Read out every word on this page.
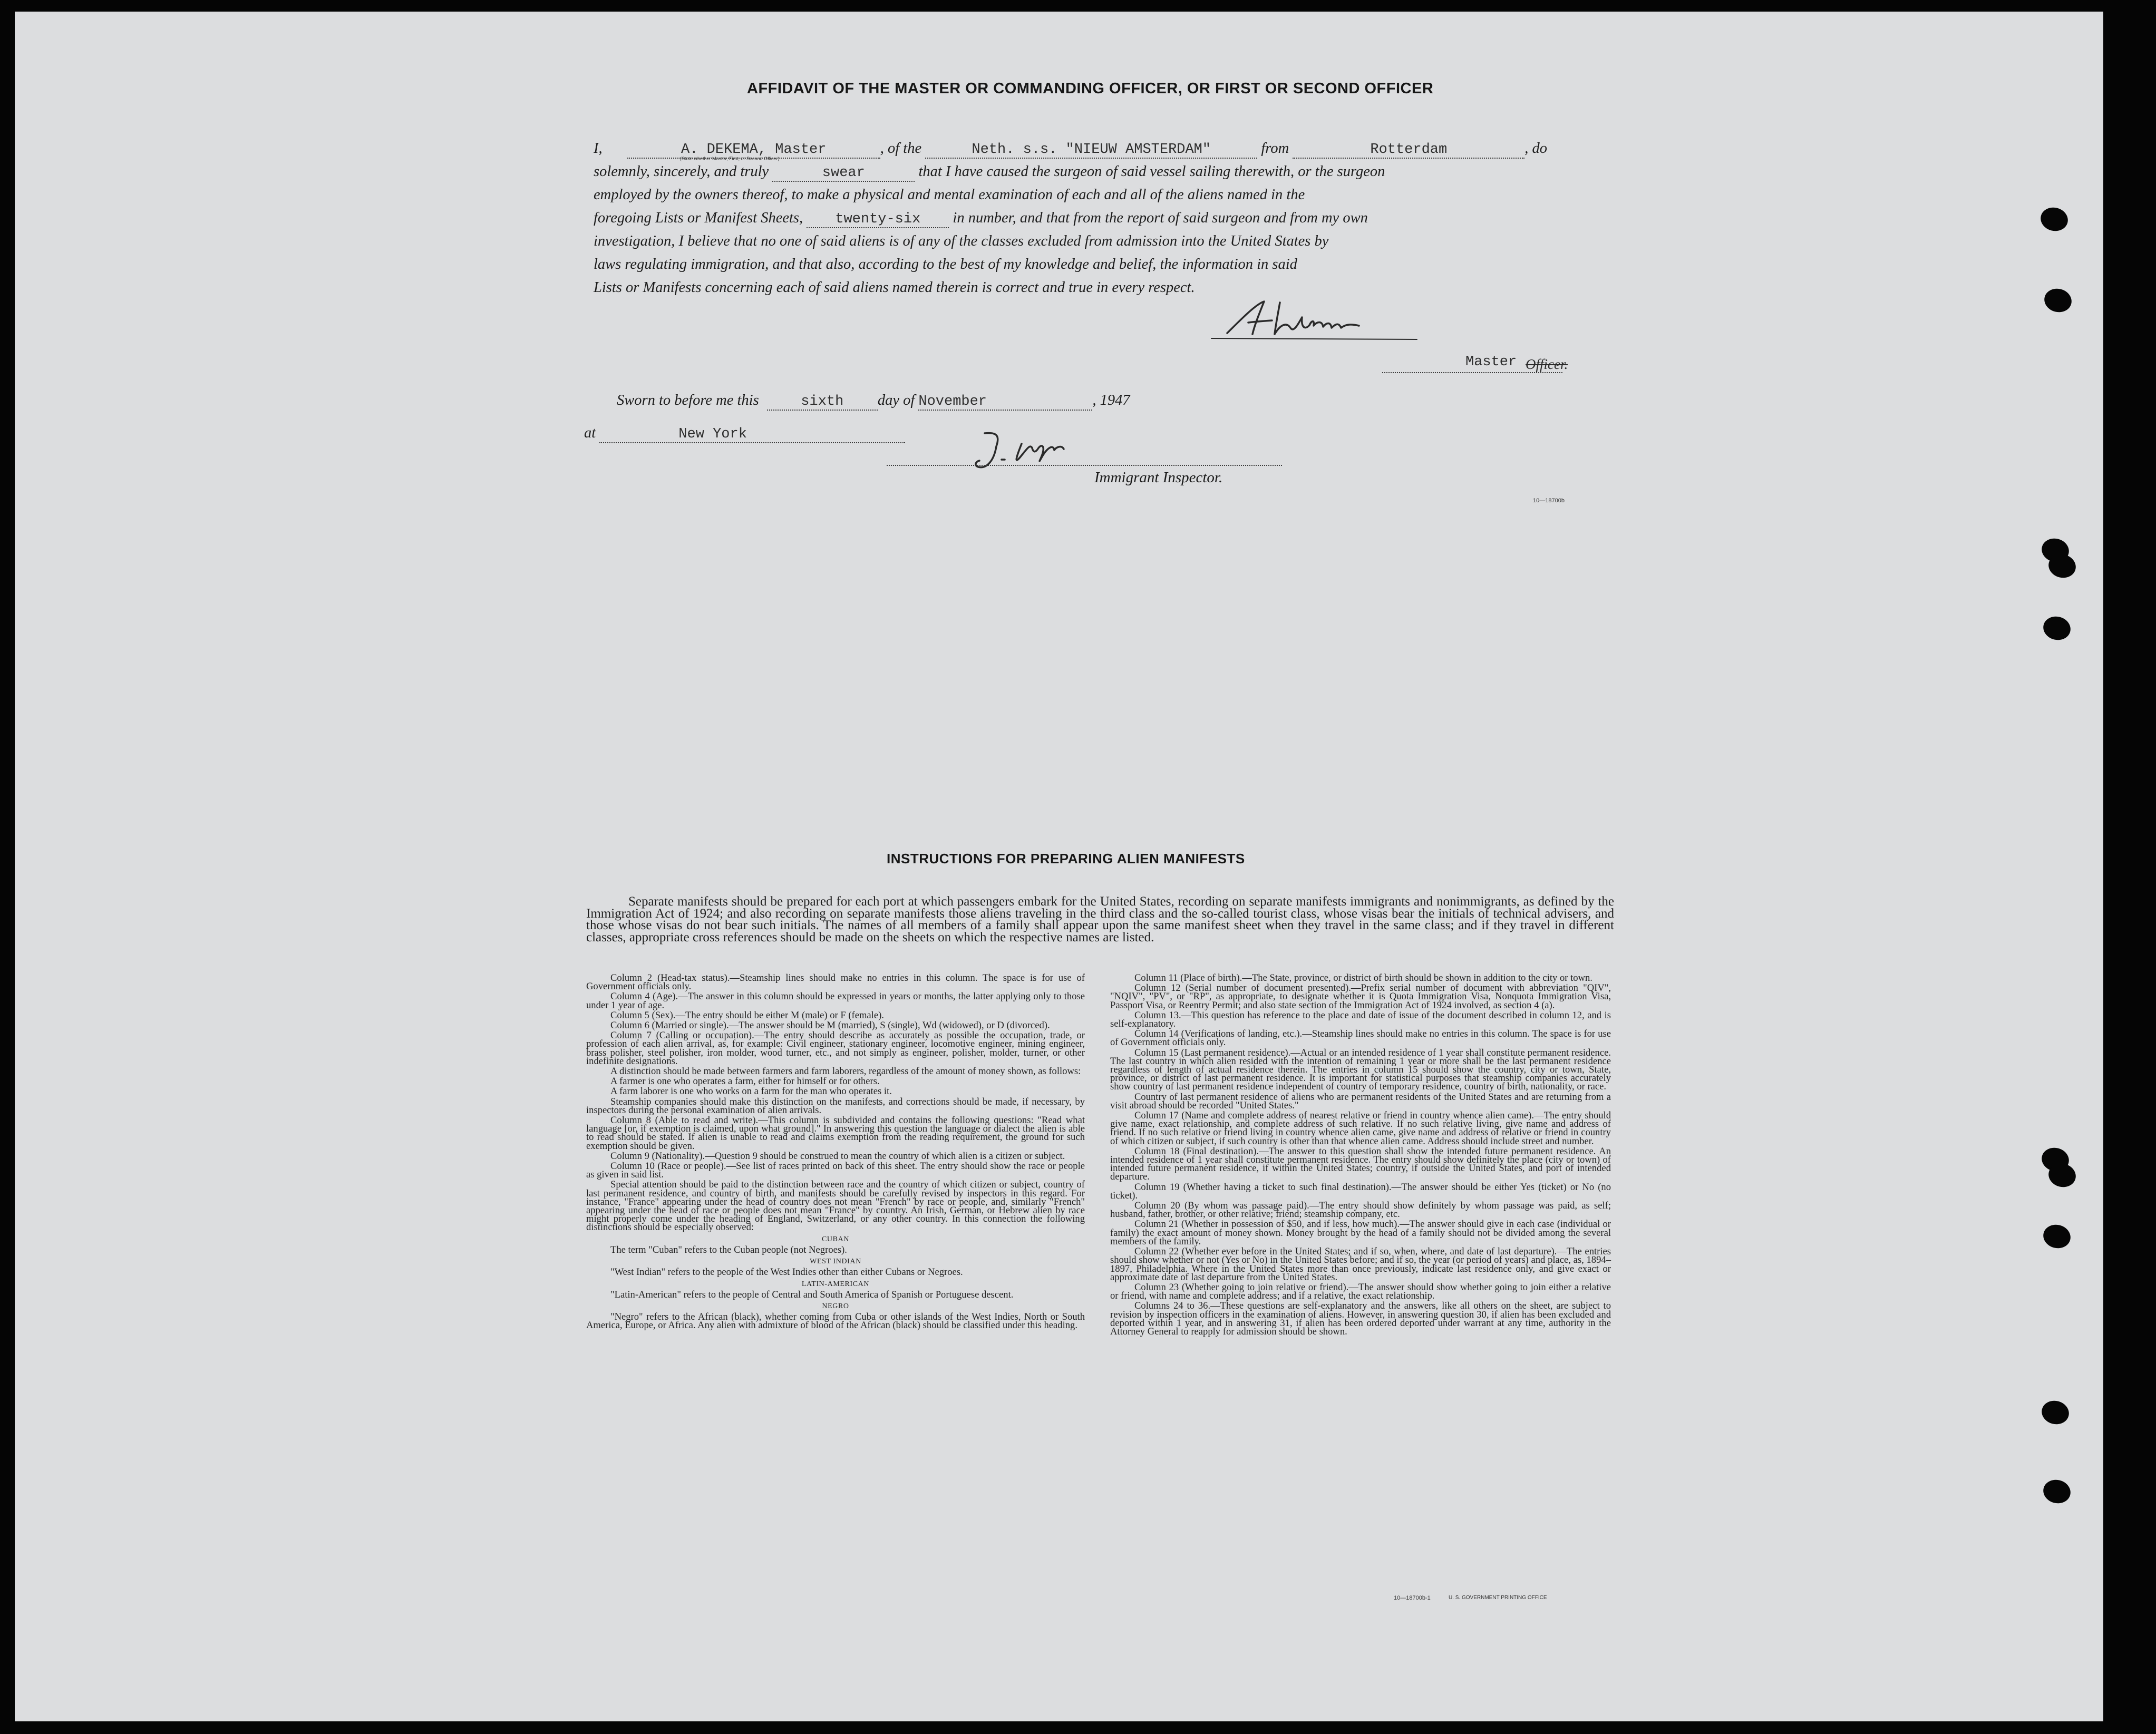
AFFIDAVIT OF THE MASTER OR COMMANDING OFFICER, OR FIRST OR SECOND OFFICER
I,	A. DEKEMA, Master	, of the	Neth. s.s. "NIEUW AMSTERDAM"	from	Rotterdam	, do
(State whether Master, First, or Second Officer)
solemnly, sincerely, and truly	swear	that I have caused the surgeon of said vessel sailing therewith, or the surgeon
employed by the owners thereof, to make a physical and mental examination of each and all of the aliens named in the
foregoing Lists or Manifest Sheets, twenty-six in number, and that from the report of said surgeon and from my own
investigation, I believe that no one of said aliens is of any of the classes excluded from admission into the United States by
laws regulating immigration, and that also, according to the best of my knowledge and belief, the information in said
Lists or Manifests concerning each of said aliens named therein is correct and true in every respect.
Master Officer.
Sworn to before me this	sixth day of November	, 1947
at	New York
Immigrant Inspector.
10—18700b
INSTRUCTIONS FOR PREPARING ALIEN MANIFESTS
Separate manifests should be prepared for each port at which passengers embark for the United States, recording on separate manifests immigrants and nonimmigrants, as defined by the Immigration Act of 1924; and also recording on separate manifests those aliens traveling in the third class and the so-called tourist class, whose visas bear the initials of technical advisers, and those whose visas do not bear such initials. The names of all members of a family shall appear upon the same manifest sheet when they travel in the same class; and if they travel in different classes, appropriate cross references should be made on the sheets on which the respective names are listed.

Column 2 (Head-tax status).—Steamship lines should make no entries in this column. The space is for use of Government officials only.

Column 4 (Age).—The answer in this column should be expressed in years or months, the latter applying only to those under 1 year of age.

Column 5 (Sex).—The entry should be either M (male) or F (female).

Column 6 (Married or single).—The answer should be M (married), S (single), Wd (widowed), or D (divorced).

Column 7 (Calling or occupation).—The entry should describe as accurately as possible the occupation, trade, or profession of each alien arrival, as, for example: Civil engineer, stationary engineer, locomotive engineer, mining engineer, brass polisher, steel polisher, iron molder, wood turner, etc., and not simply as engineer, polisher, molder, turner, or other indefinite designations.

A distinction should be made between farmers and farm laborers, regardless of the amount of money shown, as follows:

A farmer is one who operates a farm, either for himself or for others.

A farm laborer is one who works on a farm for the man who operates it.

Steamship companies should make this distinction on the manifests, and corrections should be made, if necessary, by inspectors during the personal examination of alien arrivals.

Column 8 (Able to read and write).—This column is subdivided and contains the following questions: "Read what language [or, if exemption is claimed, upon what ground]." In answering this question the language or dialect the alien is able to read should be stated. If alien is unable to read and claims exemption from the reading requirement, the ground for such exemption should be given.

Column 9 (Nationality).—Question 9 should be construed to mean the country of which alien is a citizen or subject.

Column 10 (Race or people).—See list of races printed on back of this sheet. The entry should show the race or people as given in said list.

Special attention should be paid to the distinction between race and the country of which citizen or subject, country of last permanent residence, and country of birth, and manifests should be carefully revised by inspectors in this regard. For instance, "France" appearing under the head of country does not mean "French" by race or people, and, similarly "French" appearing under the head of race or people does not mean "France" by country. An Irish, German, or Hebrew alien by race might properly come under the heading of England, Switzerland, or any other country. In this connection the following distinctions should be especially observed:

CUBAN

The term "Cuban" refers to the Cuban people (not Negroes).

WEST INDIAN

"West Indian" refers to the people of the West Indies other than either Cubans or Negroes.

LATIN-AMERICAN

"Latin-American" refers to the people of Central and South America of Spanish or Portuguese descent.

NEGRO

"Negro" refers to the African (black), whether coming from Cuba or other islands of the West Indies, North or South America, Europe, or Africa. Any alien with admixture of blood of the African (black) should be classified under this heading.

Column 11 (Place of birth).—The State, province, or district of birth should be shown in addition to the city or town.

Column 12 (Serial number of document presented).—Prefix serial number of document with abbreviation "QIV", "NQIV", "PV", or "RP", as appropriate, to designate whether it is Quota Immigration Visa, Nonquota Immigration Visa, Passport Visa, or Reentry Permit; and also state section of the Immigration Act of 1924 involved, as section 4 (a).

Column 13.—This question has reference to the place and date of issue of the document described in column 12, and is self-explanatory.

Column 14 (Verifications of landing, etc.).—Steamship lines should make no entries in this column. The space is for use of Government officials only.

Column 15 (Last permanent residence).—Actual or an intended residence of 1 year shall constitute permanent residence. The last country in which alien resided with the intention of remaining 1 year or more shall be the last permanent residence regardless of length of actual residence therein. The entries in column 15 should show the country, city or town, State, province, or district of last permanent residence. It is important for statistical purposes that steamship companies accurately show country of last permanent residence independent of country of temporary residence, country of birth, nationality, or race.

Country of last permanent residence of aliens who are permanent residents of the United States and are returning from a visit abroad should be recorded "United States."

Column 17 (Name and complete address of nearest relative or friend in country whence alien came).—The entry should give name, exact relationship, and complete address of such relative. If no such relative living, give name and address of friend. If no such relative or friend living in country whence alien came, give name and address of relative or friend in country of which citizen or subject, if such country is other than that whence alien came. Address should include street and number.

Column 18 (Final destination).—The answer to this question shall show the intended future permanent residence. An intended residence of 1 year shall constitute permanent residence. The entry should show definitely the place (city or town) of intended future permanent residence, if within the United States; country, if outside the United States, and port of intended departure.

Column 19 (Whether having a ticket to such final destination).—The answer should be either Yes (ticket) or No (no ticket).

Column 20 (By whom was passage paid).—The entry should show definitely by whom passage was paid, as self; husband, father, brother, or other relative; friend; steamship company, etc.

Column 21 (Whether in possession of $50, and if less, how much).—The answer should give in each case (individual or family) the exact amount of money shown. Money brought by the head of a family should not be divided among the several members of the family.

Column 22 (Whether ever before in the United States; and if so, when, where, and date of last departure).—The entries should show whether or not (Yes or No) in the United States before; and if so, the year (or period of years) and place, as, 1894–1897, Philadelphia. Where in the United States more than once previously, indicate last residence only, and give exact or approximate date of last departure from the United States.

Column 23 (Whether going to join relative or friend).—The answer should show whether going to join either a relative or friend, with name and complete address; and if a relative, the exact relationship.

Columns 24 to 36.—These questions are self-explanatory and the answers, like all others on the sheet, are subject to revision by inspection officers in the examination of aliens. However, in answering question 30, if alien has been excluded and deported within 1 year, and in answering 31, if alien has been ordered deported under warrant at any time, authority in the Attorney General to reapply for admission should be shown.

10—18700b-1	U. S. GOVERNMENT PRINTING OFFICE
